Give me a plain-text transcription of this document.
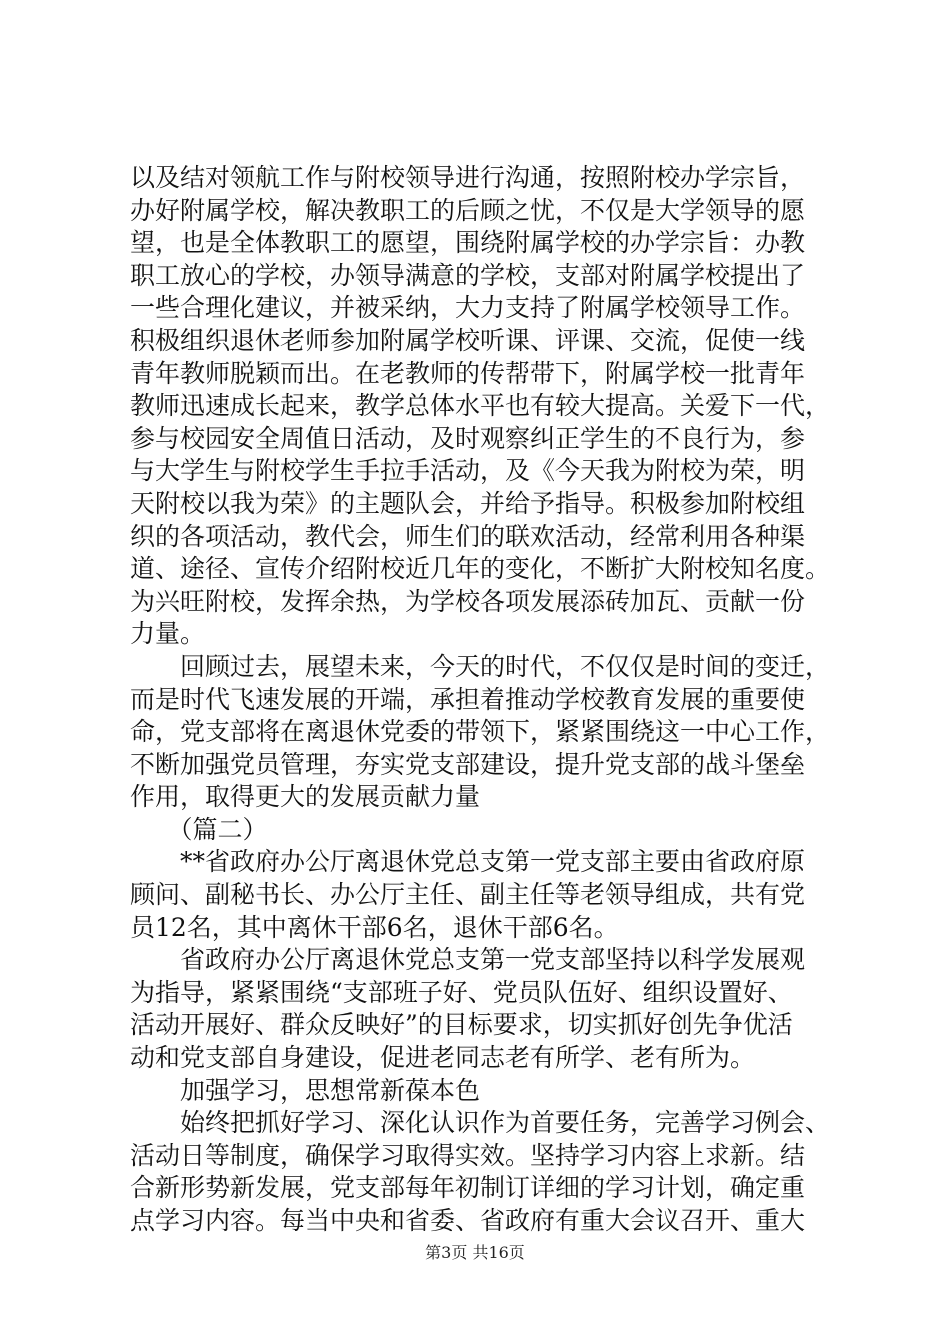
以及结对领航工作与附校领导进行沟通，按照附校办学宗旨，
办好附属学校，解决教职工的后顾之忧，不仅是大学领导的愿
望，也是全体教职工的愿望，围绕附属学校的办学宗旨：办教
职工放心的学校，办领导满意的学校，支部对附属学校提出了
一些合理化建议，并被采纳，大力支持了附属学校领导工作。
积极组织退休老师参加附属学校听课、评课、交流，促使一线
青年教师脱颖而出。在老教师的传帮带下，附属学校一批青年
教师迅速成长起来，教学总体水平也有较大提高。关爱下一代，
参与校园安全周值日活动，及时观察纠正学生的不良行为，参
与大学生与附校学生手拉手活动，及《今天我为附校为荣，明
天附校以我为荣》的主题队会，并给予指导。积极参加附校组
织的各项活动，教代会，师生们的联欢活动，经常利用各种渠
道、途径、宣传介绍附校近几年的变化，不断扩大附校知名度。
为兴旺附校，发挥余热，为学校各项发展添砖加瓦、贡献一份
力量。
　　回顾过去，展望未来，今天的时代，不仅仅是时间的变迁，
而是时代飞速发展的开端，承担着推动学校教育发展的重要使
命，党支部将在离退休党委的带领下，紧紧围绕这一中心工作，
不断加强党员管理，夯实党支部建设，提升党支部的战斗堡垒
作用，取得更大的发展贡献力量
　　（篇二）
　　**省政府办公厅离退休党总支第一党支部主要由省政府原
顾问、副秘书长、办公厅主任、副主任等老领导组成，共有党
员12名，其中离休干部6名，退休干部6名。
　　省政府办公厅离退休党总支第一党支部坚持以科学发展观
为指导，紧紧围绕“支部班子好、党员队伍好、组织设置好、
活动开展好、群众反映好”的目标要求，切实抓好创先争优活
动和党支部自身建设，促进老同志老有所学、老有所为。
　　加强学习，思想常新葆本色
　　始终把抓好学习、深化认识作为首要任务，完善学习例会、
活动日等制度，确保学习取得实效。坚持学习内容上求新。结
合新形势新发展，党支部每年初制订详细的学习计划，确定重
点学习内容。每当中央和省委、省政府有重大会议召开、重大
第3页 共16页
